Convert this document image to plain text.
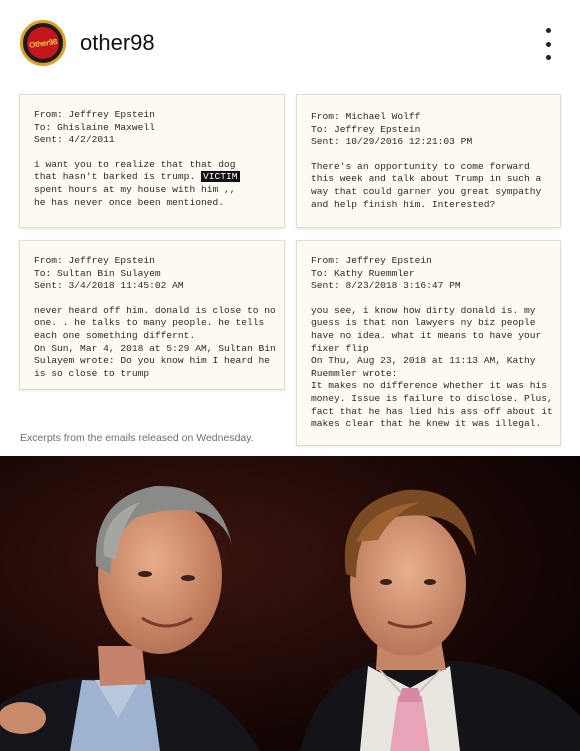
Other98 other98
From: Jeffrey Epstein
To: Ghislaine Maxwell
Sent: 4/2/2011
i want you to realize that that dog
that hasn't barked is trump. VICTIM
spent hours at my house with him ,,
he has never once been mentioned.
From: Michael Wolff
To: Jeffrey Epstein
Sent: 10/29/2016 12:21:03 PM
There's an opportunity to come forward
this week and talk about Trump in such a
way that could garner you great sympathy
and help finish him. Interested?
From: Jeffrey Epstein
To: Sultan Bin Sulayem
Sent: 3/4/2018 11:45:02 AM
never heard off him. donald is close to no
one. . he talks to many people. he tells
each one something differnt.
On Sun, Mar 4, 2018 at 5:29 AM, Sultan Bin
Sulayem wrote: Do you know him I heard he
is so close to trump
From: Jeffrey Epstein
To: Kathy Ruemmler
Sent: 8/23/2018 3:16:47 PM
you see, i know how dirty donald is. my
guess is that non lawyers ny biz people
have no idea. what it means to have your
fixer flip
On Thu, Aug 23, 2018 at 11:13 AM, Kathy
Ruemmler wrote:
It makes no difference whether it was his
money. Issue is failure to disclose. Plus,
fact that he has lied his ass off about it
makes clear that he knew it was illegal.
Excerpts from the emails released on Wednesday.
